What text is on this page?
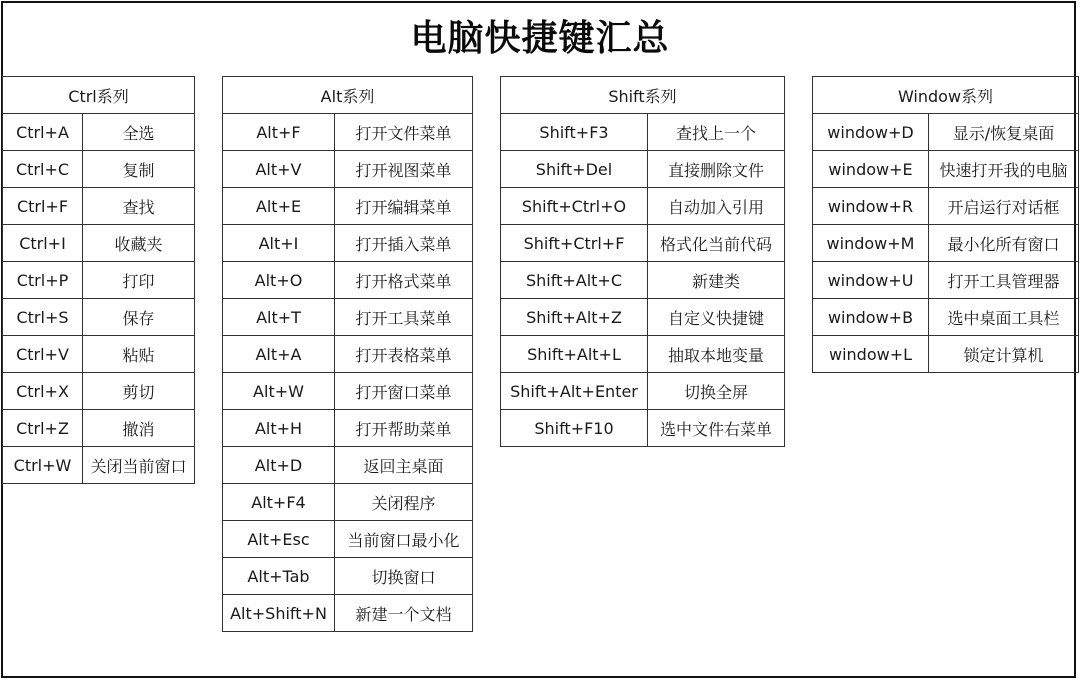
电脑快捷键汇总
Ctrl系列	
Ctrl+A	全选
Ctrl+C	复制
Ctrl+F	查找
Ctrl+I	收藏夹
Ctrl+P	打印
Ctrl+S	保存
Ctrl+V	粘贴
Ctrl+X	剪切
Ctrl+Z	撤消
Ctrl+W	关闭当前窗口
Alt系列	
Alt+F	打开文件菜单
Alt+V	打开视图菜单
Alt+E	打开编辑菜单
Alt+I	打开插入菜单
Alt+O	打开格式菜单
Alt+T	打开工具菜单
Alt+A	打开表格菜单
Alt+W	打开窗口菜单
Alt+H	打开帮助菜单
Alt+D	返回主桌面
Alt+F4	关闭程序
Alt+Esc	当前窗口最小化
Alt+Tab	切换窗口
Alt+Shift+N	新建一个文档
Shift系列	
Shift+F3	查找上一个
Shift+Del	直接删除文件
Shift+Ctrl+O	自动加入引用
Shift+Ctrl+F	格式化当前代码
Shift+Alt+C	新建类
Shift+Alt+Z	自定义快捷键
Shift+Alt+L	抽取本地变量
Shift+Alt+Enter	切换全屏
Shift+F10	选中文件右菜单
Window系列	
window+D	显示/恢复桌面
window+E	快速打开我的电脑
window+R	开启运行对话框
window+M	最小化所有窗口
window+U	打开工具管理器
window+B	选中桌面工具栏
window+L	锁定计算机
